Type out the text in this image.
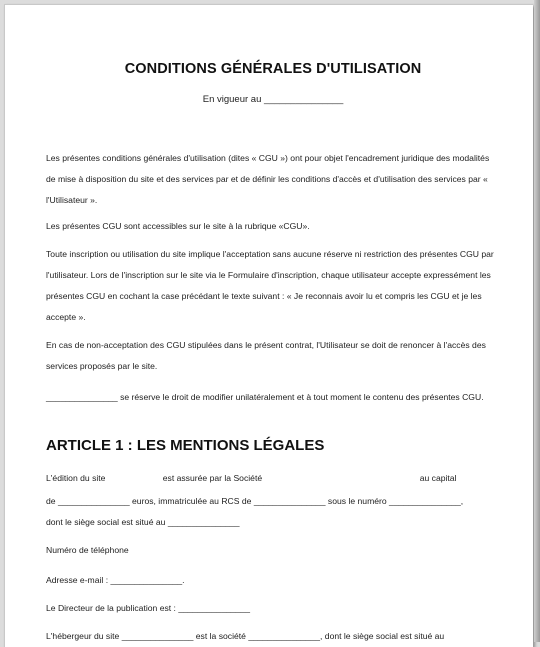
CONDITIONS GÉNÉRALES D'UTILISATION
En vigueur au _______________
Les présentes conditions générales d'utilisation (dites « CGU ») ont pour objet l'encadrement juridique des modalités de mise à disposition du site et des services par et de définir les conditions d'accès et d'utilisation des services par « l'Utilisateur ».
Les présentes CGU sont accessibles sur le site à la rubrique «CGU».
Toute inscription ou utilisation du site implique l'acceptation sans aucune réserve ni restriction des présentes CGU par l'utilisateur. Lors de l'inscription sur le site via le Formulaire d'inscription, chaque utilisateur accepte expressément les présentes CGU en cochant la case précédant le texte suivant : « Je reconnais avoir lu et compris les CGU et je les accepte ».
En cas de non-acceptation des CGU stipulées dans le présent contrat, l'Utilisateur se doit de renoncer à l'accès des services proposés par le site.
_______________ se réserve le droit de modifier unilatéralement et à tout moment le contenu des présentes CGU.
ARTICLE 1 : LES MENTIONS LÉGALES
L'édition du site                        est assurée par la Société                                                                  au capital
de _______________ euros, immatriculée au RCS de _______________ sous le numéro _______________,
dont le siège social est situé au _______________
Numéro de téléphone
Adresse e-mail : _______________.
Le Directeur de la publication est : _______________
L'hébergeur du site _______________ est la société _______________, dont le siège social est situé au
